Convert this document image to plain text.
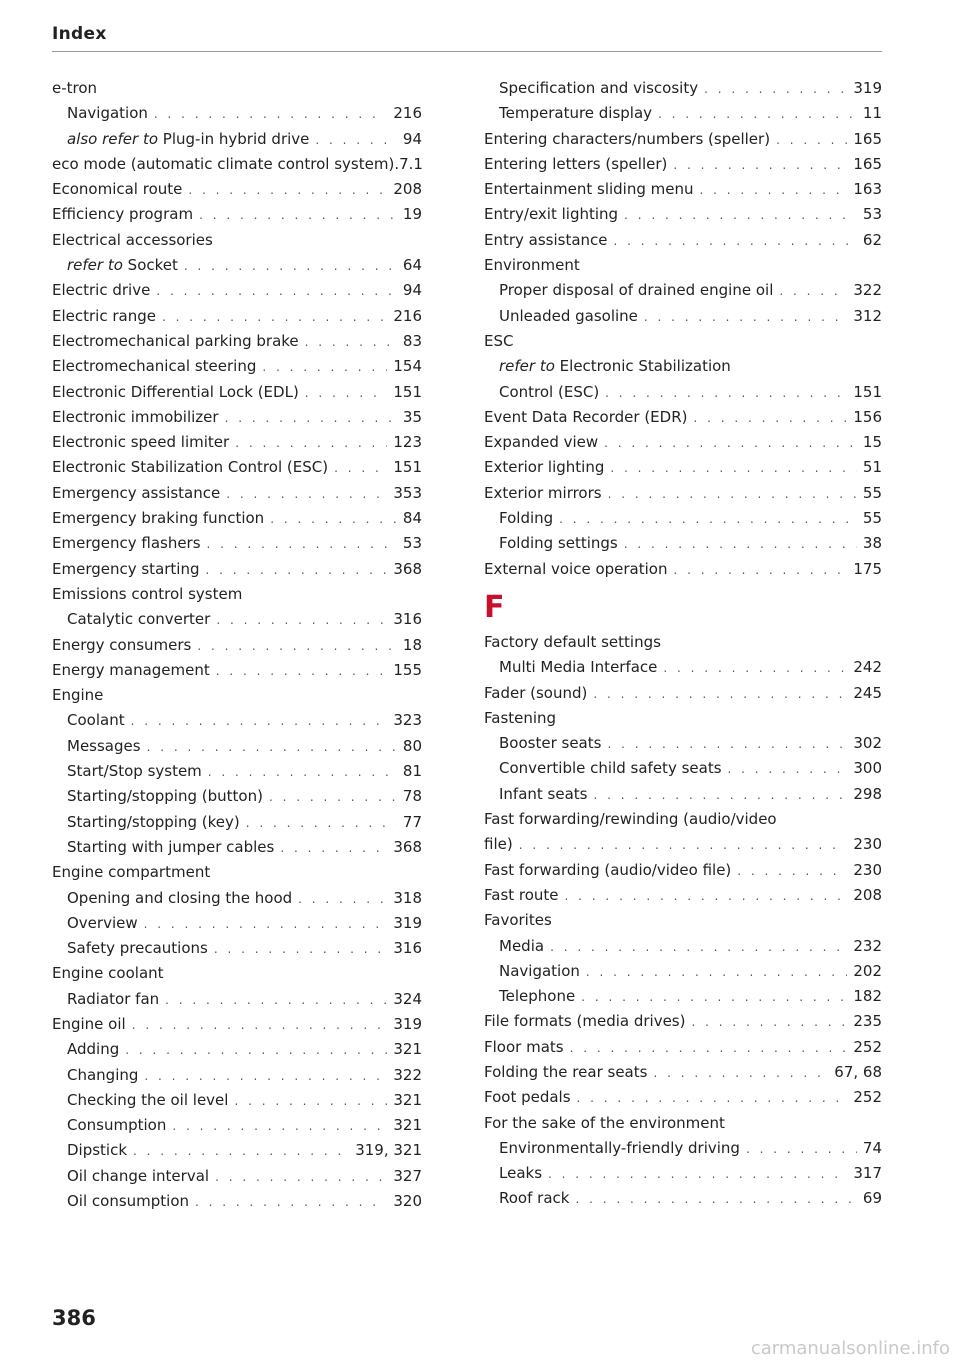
Index
e-tron
Navigation . . .	216
also refer to Plug-in hybrid drive . . .	94
eco mode (automatic climate control system) .7.1
Economical route . . .	208
Efficiency program . . .	19
Electrical accessories
refer to Socket . . .	64
Electric drive . . .	94
Electric range . . .	216
Electromechanical parking brake . . .	83
Electromechanical steering . . .	154
Electronic Differential Lock (EDL) . . .	151
Electronic immobilizer . . .	35
Electronic speed limiter . . .	123
Electronic Stabilization Control (ESC) . . .	151
Emergency assistance . . .	353
Emergency braking function . . .	84
Emergency flashers . . .	53
Emergency starting . . .	368
Emissions control system
Catalytic converter . . .	316
Energy consumers . . .	18
Energy management . . .	155
Engine
Coolant . . .	323
Messages . . .	80
Start/Stop system . . .	81
Starting/stopping (button) . . .	78
Starting/stopping (key) . . .	77
Starting with jumper cables . . .	368
Engine compartment
Opening and closing the hood . . .	318
Overview . . .	319
Safety precautions . . .	316
Engine coolant
Radiator fan . . .	324
Engine oil . . .	319
Adding . . .	321
Changing . . .	322
Checking the oil level . . .	321
Consumption . . .	321
Dipstick . . .	319, 321
Oil change interval . . .	327
Oil consumption . . .	320
Specification and viscosity . . .	319
Temperature display . . .	11
Entering characters/numbers (speller) . . .	165
Entering letters (speller) . . .	165
Entertainment sliding menu . . .	163
Entry/exit lighting . . .	53
Entry assistance . . .	62
Environment
Proper disposal of drained engine oil . . .	322
Unleaded gasoline . . .	312
ESC
refer to Electronic Stabilization
Control (ESC) . . .	151
Event Data Recorder (EDR) . . .	156
Expanded view . . .	15
Exterior lighting . . .	51
Exterior mirrors . . .	55
Folding . . .	55
Folding settings . . .	38
External voice operation . . .	175
F
Factory default settings
Multi Media Interface . . .	242
Fader (sound) . . .	245
Fastening
Booster seats . . .	302
Convertible child safety seats . . .	300
Infant seats . . .	298
Fast forwarding/rewinding (audio/video
file) . . .	230
Fast forwarding (audio/video file) . . .	230
Fast route . . .	208
Favorites
Media . . .	232
Navigation . . .	202
Telephone . . .	182
File formats (media drives) . . .	235
Floor mats . . .	252
Folding the rear seats . . .	67, 68
Foot pedals . . .	252
For the sake of the environment
Environmentally-friendly driving . . .	74
Leaks . . .	317
Roof rack . . .	69
386
carmanualsonline.info
